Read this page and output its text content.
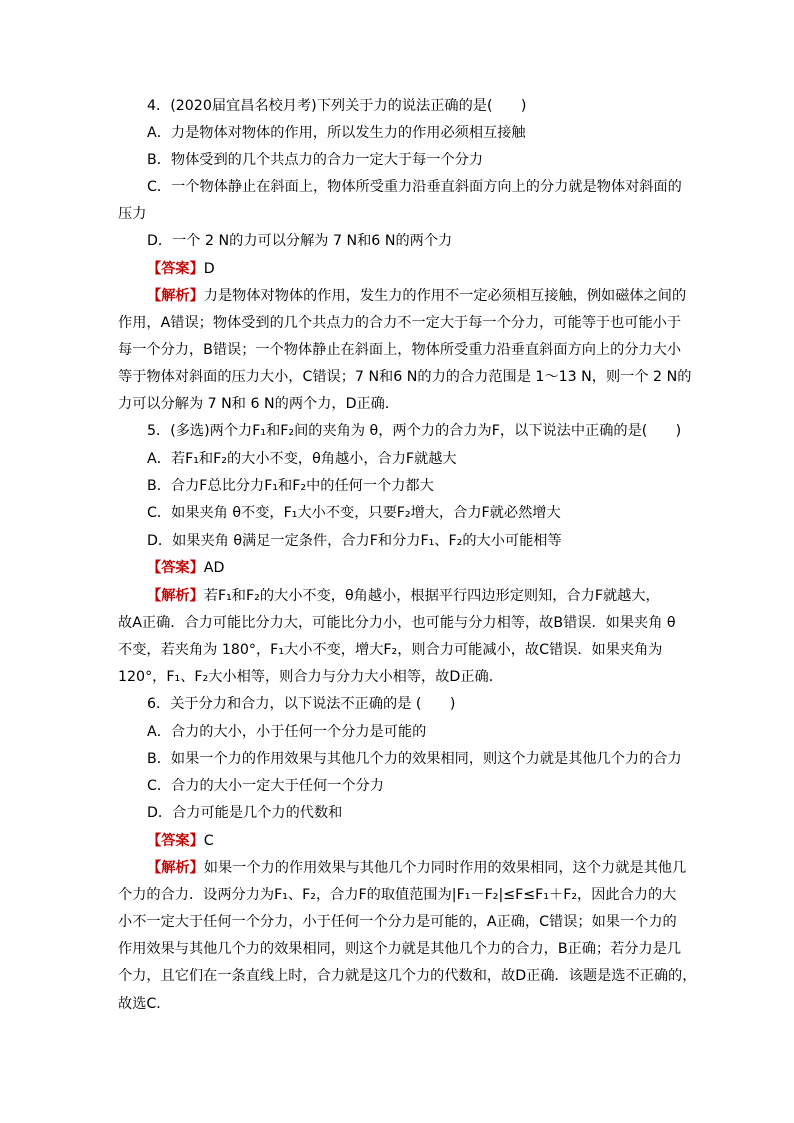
4．(2020届宜昌名校月考)下列关于力的说法正确的是(　　)
A．力是物体对物体的作用，所以发生力的作用必须相互接触
B．物体受到的几个共点力的合力一定大于每一个分力
C．一个物体静止在斜面上，物体所受重力沿垂直斜面方向上的分力就是物体对斜面的
压力
D．一个 2 N的力可以分解为 7 N和6 N的两个力
【答案】D
【解析】力是物体对物体的作用，发生力的作用不一定必须相互接触，例如磁体之间的
作用，A错误；物体受到的几个共点力的合力不一定大于每一个分力，可能等于也可能小于
每一个分力，B错误；一个物体静止在斜面上，物体所受重力沿垂直斜面方向上的分力大小
等于物体对斜面的压力大小，C错误；7 N和6 N的力的合力范围是 1～13 N，则一个 2 N的
力可以分解为 7 N和 6 N的两个力，D正确．
5．(多选)两个力F₁和F₂间的夹角为 θ，两个力的合力为F，以下说法中正确的是(　　)
A．若F₁和F₂的大小不变，θ角越小，合力F就越大
B．合力F总比分力F₁和F₂中的任何一个力都大
C．如果夹角 θ不变，F₁大小不变，只要F₂增大，合力F就必然增大
D．如果夹角 θ满足一定条件，合力F和分力F₁、F₂的大小可能相等
【答案】AD
【解析】若F₁和F₂的大小不变，θ角越小，根据平行四边形定则知，合力F就越大，
故A正确．合力可能比分力大，可能比分力小，也可能与分力相等，故B错误．如果夹角 θ
不变，若夹角为 180°，F₁大小不变，增大F₂，则合力可能减小，故C错误．如果夹角为
120°，F₁、F₂大小相等，则合力与分力大小相等，故D正确．
6．关于分力和合力，以下说法不正确的是 (　　)
A．合力的大小，小于任何一个分力是可能的
B．如果一个力的作用效果与其他几个力的效果相同，则这个力就是其他几个力的合力
C．合力的大小一定大于任何一个分力
D．合力可能是几个力的代数和
【答案】C
【解析】如果一个力的作用效果与其他几个力同时作用的效果相同，这个力就是其他几
个力的合力．设两分力为F₁、F₂，合力F的取值范围为|F₁－F₂|≤F≤F₁＋F₂，因此合力的大
小不一定大于任何一个分力，小于任何一个分力是可能的，A正确，C错误；如果一个力的
作用效果与其他几个力的效果相同，则这个力就是其他几个力的合力，B正确；若分力是几
个力，且它们在一条直线上时，合力就是这几个力的代数和，故D正确．该题是选不正确的，
故选C．
